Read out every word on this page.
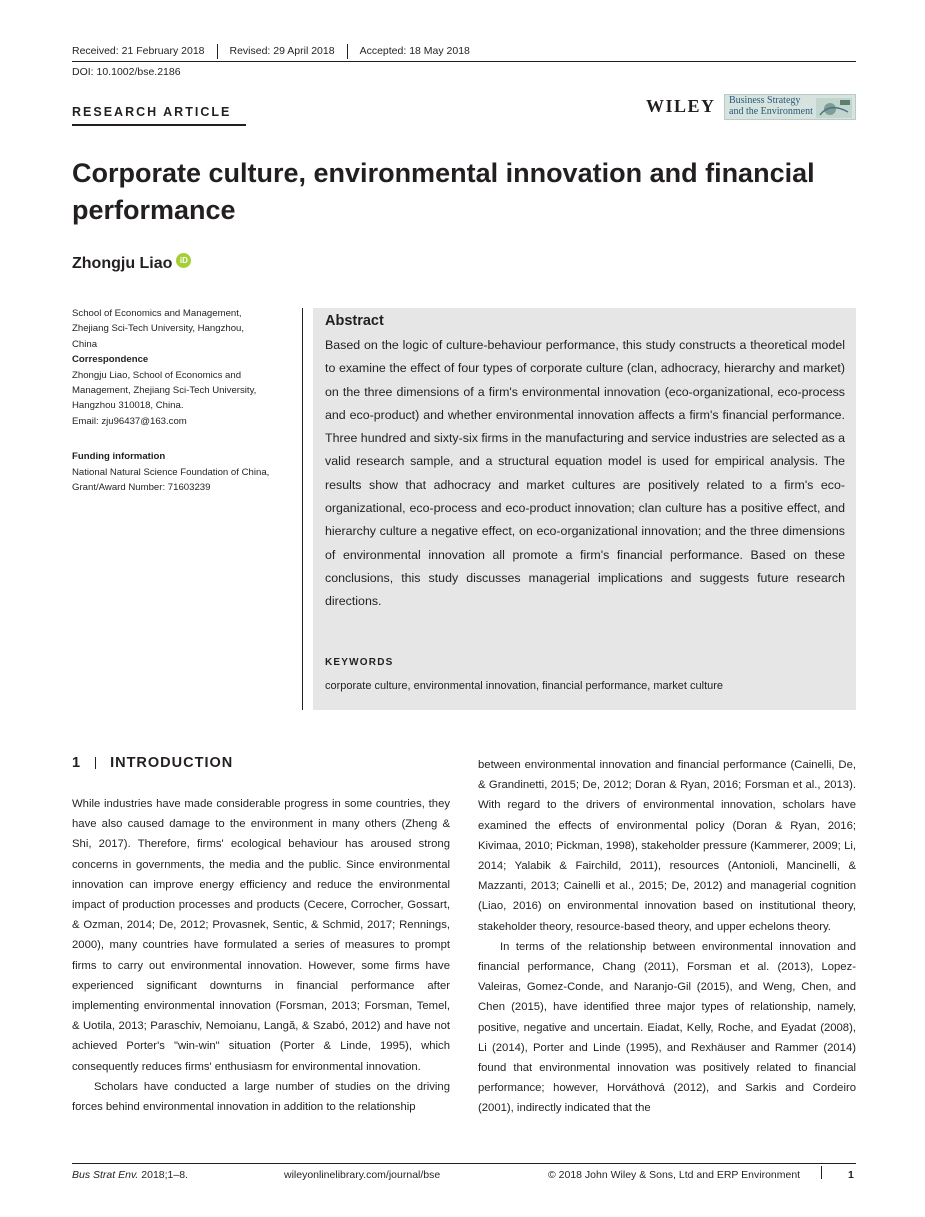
Received: 21 February 2018	Revised: 29 April 2018	Accepted: 18 May 2018
DOI: 10.1002/bse.2186
RESEARCH ARTICLE	WILEY Business Strategy
and the Environment
Corporate culture, environmental innovation and financial performance
Zhongju Liao iD
School of Economics and Management,
Zhejiang Sci-Tech University, Hangzhou,
China
Correspondence
Zhongju Liao, School of Economics and
Management, Zhejiang Sci-Tech University,
Hangzhou 310018, China.
Email: zju96437@163.com
Funding information
National Natural Science Foundation of China,
Grant/Award Number: 71603239
Abstract
Based on the logic of culture-behaviour performance, this study constructs a theoretical model to examine the effect of four types of corporate culture (clan, adhocracy, hierarchy and market) on the three dimensions of a firm's environmental innovation (eco-organizational, eco-process and eco-product) and whether environmental innovation affects a firm's financial performance. Three hundred and sixty-six firms in the manufacturing and service industries are selected as a valid research sample, and a structural equation model is used for empirical analysis. The results show that adhocracy and market cultures are positively related to a firm's eco-organizational, eco-process and eco-product innovation; clan culture has a positive effect, and hierarchy culture a negative effect, on eco-organizational innovation; and the three dimensions of environmental innovation all promote a firm's financial performance. Based on these conclusions, this study discusses managerial implications and suggests future research directions.
KEYWORDS
corporate culture, environmental innovation, financial performance, market culture
1 INTRODUCTION

While industries have made considerable progress in some countries, they have also caused damage to the environment in many others (Zheng & Shi, 2017). Therefore, firms' ecological behaviour has aroused strong concerns in governments, the media and the public. Since environmental innovation can improve energy efficiency and reduce the environmental impact of production processes and products (Cecere, Corrocher, Gossart, & Ozman, 2014; De, 2012; Provasnek, Sentic, & Schmid, 2017; Rennings, 2000), many countries have formulated a series of measures to prompt firms to carry out environmental innovation. However, some firms have experienced significant downturns in financial performance after implementing environmental innovation (Forsman, 2013; Forsman, Temel, & Uotila, 2013; Paraschiv, Nemoianu, Langă, & Szabó, 2012) and have not achieved Porter's "win-win" situation (Porter & Linde, 1995), which consequently reduces firms' enthusiasm for environmental innovation.

Scholars have conducted a large number of studies on the driving forces behind environmental innovation in addition to the relationship

between environmental innovation and financial performance (Cainelli, De, & Grandinetti, 2015; De, 2012; Doran & Ryan, 2016; Forsman et al., 2013). With regard to the drivers of environmental innovation, scholars have examined the effects of environmental policy (Doran & Ryan, 2016; Kivimaa, 2010; Pickman, 1998), stakeholder pressure (Kammerer, 2009; Li, 2014; Yalabik & Fairchild, 2011), resources (Antonioli, Mancinelli, & Mazzanti, 2013; Cainelli et al., 2015; De, 2012) and managerial cognition (Liao, 2016) on environmental innovation based on institutional theory, stakeholder theory, resource-based theory, and upper echelons theory.

In terms of the relationship between environmental innovation and financial performance, Chang (2011), Forsman et al. (2013), Lopez-Valeiras, Gomez-Conde, and Naranjo-Gil (2015), and Weng, Chen, and Chen (2015), have identified three major types of relationship, namely, positive, negative and uncertain. Eiadat, Kelly, Roche, and Eyadat (2008), Li (2014), Porter and Linde (1995), and Rexhäuser and Rammer (2014) found that environmental innovation was positively related to financial performance; however, Horváthová (2012), and Sarkis and Cordeiro (2001), indirectly indicated that the

Bus Strat Env. 2018;1–8.	wileyonlinelibrary.com/journal/bse	© 2018 John Wiley & Sons, Ltd and ERP Environment	1
